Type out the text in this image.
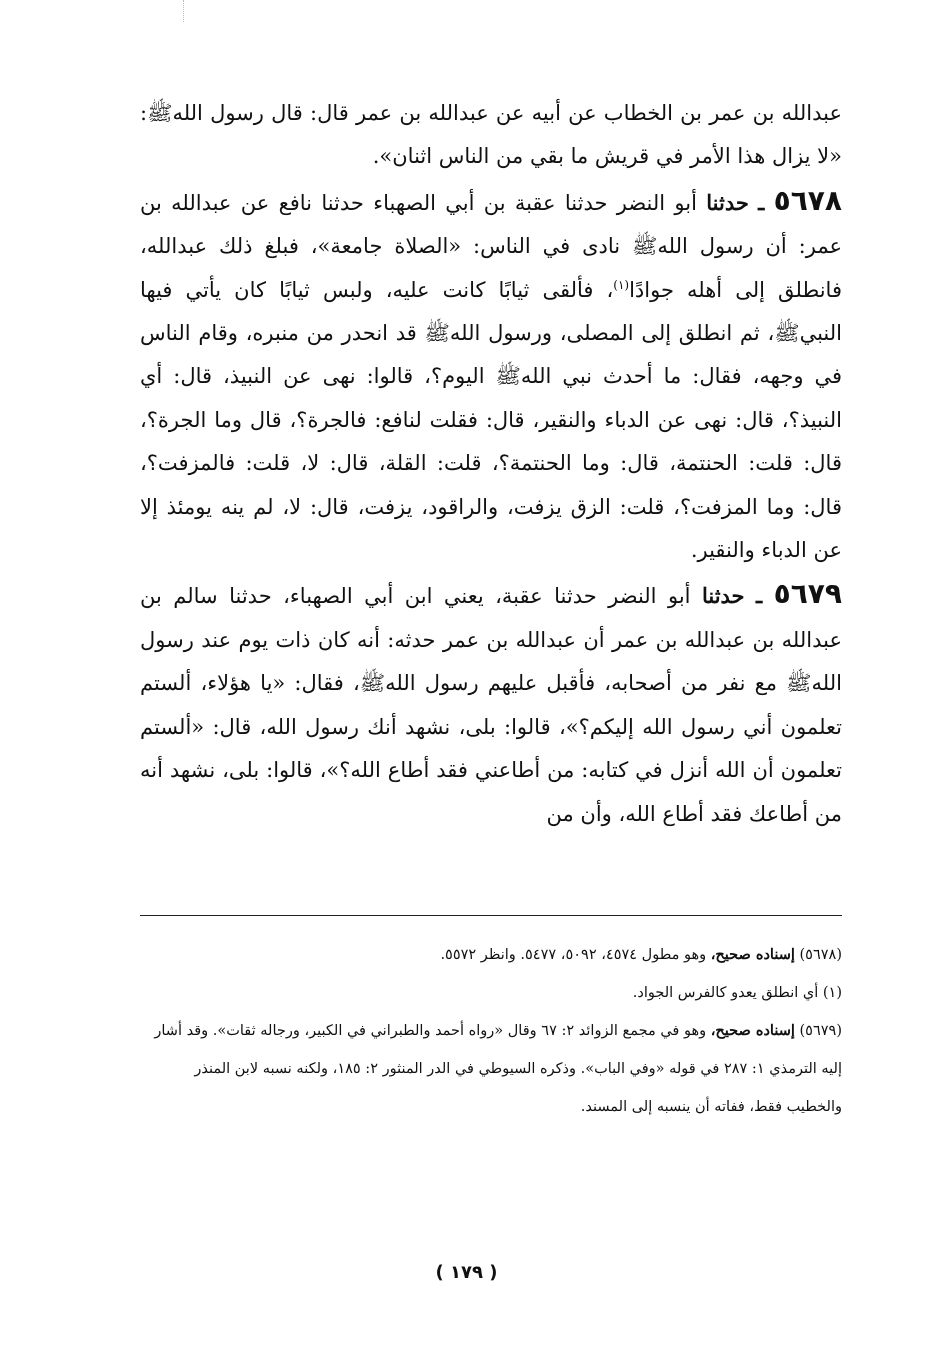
عبدالله بن عمر بن الخطاب عن أبيه عن عبدالله بن عمر قال: قال رسول اللهﷺ: «لا يزال هذا الأمر في قريش ما بقي من الناس اثنان».

٥٦٧٨ ـ حدثنا أبو النضر حدثنا عقبة بن أبي الصهباء حدثنا نافع عن عبدالله بن عمر: أن رسول اللهﷺ نادى في الناس: «الصلاة جامعة»، فبلغ ذلك عبدالله، فانطلق إلى أهله جوادًا$^{(١)}$، فألقى ثيابًا كانت عليه، ولبس ثيابًا كان يأتي فيها النبيﷺ، ثم انطلق إلى المصلى، ورسول اللهﷺ قد انحدر من منبره، وقام الناس في وجهه، فقال: ما أحدث نبي اللهﷺ اليوم؟، قالوا: نهى عن النبيذ، قال: أي النبيذ؟، قال: نهى عن الدباء والنقير، قال: فقلت لنافع: فالجرة؟، قال وما الجرة؟، قال: قلت: الحنتمة، قال: وما الحنتمة؟، قلت: القلة، قال: لا، قلت: فالمزفت؟، قال: وما المزفت؟، قلت: الزق يزفت، والراقود، يزفت، قال: لا، لم ينه يومئذ إلا عن الدباء والنقير.

٥٦٧٩ ـ حدثنا أبو النضر حدثنا عقبة، يعني ابن أبي الصهباء، حدثنا سالم بن عبدالله بن عبدالله بن عمر أن عبدالله بن عمر حدثه: أنه كان ذات يوم عند رسول اللهﷺ مع نفر من أصحابه، فأقبل عليهم رسول اللهﷺ، فقال: «يا هؤلاء، ألستم تعلمون أني رسول الله إليكم؟»، قالوا: بلى، نشهد أنك رسول الله، قال: «ألستم تعلمون أن الله أنزل في كتابه: من أطاعني فقد أطاع الله؟»، قالوا: بلى، نشهد أنه من أطاعك فقد أطاع الله، وأن من

(٥٦٧٨) إسناده صحيح، وهو مطول ٤٥٧٤، ٥٠٩٢، ٥٤٧٧. وانظر ٥٥٧٢.

(١) أي انطلق يعدو كالفرس الجواد.

(٥٦٧٩) إسناده صحيح، وهو في مجمع الزوائد ٢: ٦٧ وقال «رواه أحمد والطبراني في الكبير، ورجاله ثقات». وقد أشار إليه الترمذي ١: ٢٨٧ في قوله «وفي الباب». وذكره السيوطي في الدر المنثور ٢: ١٨٥، ولكنه نسبه لابن المنذر والخطيب فقط، ففاته أن ينسبه إلى المسند.

( ١٧٩ )
